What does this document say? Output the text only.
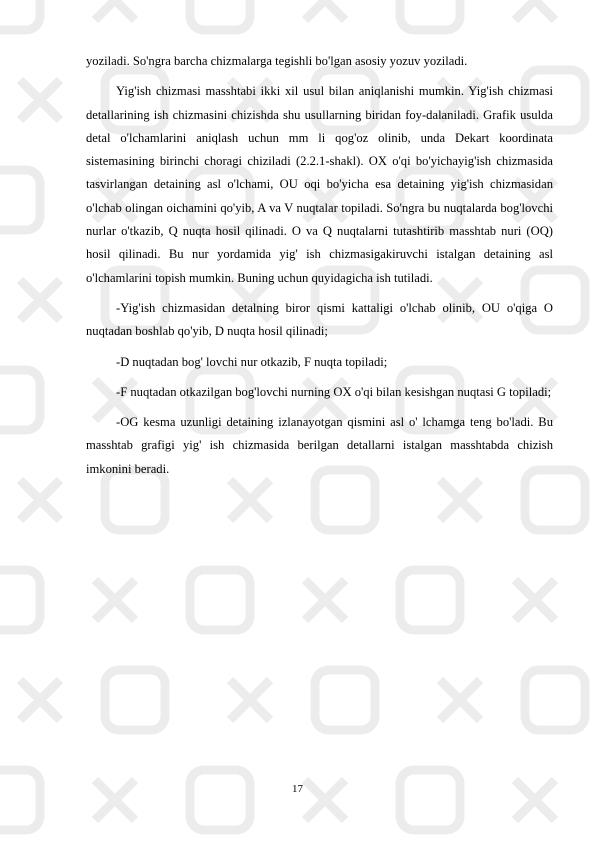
yoziladi. So'ngra barcha chizmalarga tegishli bo'lgan asosiy yozuv yoziladi.

Yig'ish chizmasi masshtabi ikki xil usul bilan aniqlanishi mumkin. Yig'ish chizmasi detallarining ish chizmasini chizishda shu usullarning biridan foy-dalaniladi. Grafik usulda detal o'lchamlarini aniqlash uchun mm li qog'oz olinib, unda Dekart koordinata sistemasining birinchi choragi chiziladi (2.2.1-shakl). OX o'qi bo'yichayig'ish chizmasida tasvirlangan detaining asl o'lchami, OU oqi bo'yicha esa detaining yig'ish chizmasidan o'lchab olingan oichamini qo'yib, A va V nuqtalar topiladi. So'ngra bu nuqtalarda bog'lovchi nurlar o'tkazib, Q nuqta hosil qilinadi. O va Q nuqtalarni tutashtirib masshtab nuri (OQ) hosil qilinadi. Bu nur yordamida yig' ish chizmasigakiruvchi istalgan detaining asl o'lchamlarini topish mumkin. Buning uchun quyidagicha ish tutiladi.

-Yig'ish chizmasidan detalning biror qismi kattaligi o'lchab olinib, OU o'qiga O nuqtadan boshlab qo'yib, D nuqta hosil qilinadi;

-D nuqtadan bog' lovchi nur otkazib, F nuqta topiladi;

-F nuqtadan otkazilgan bog'lovchi nurning OX o'qi bilan kesishgan nuqtasi G topiladi;

-OG kesma uzunligi detaining izlanayotgan qismini asl o' lchamga teng bo'ladi. Bu masshtab grafigi yig' ish chizmasida berilgan detallarni istalgan masshtabda chizish imkonini beradi.

17
